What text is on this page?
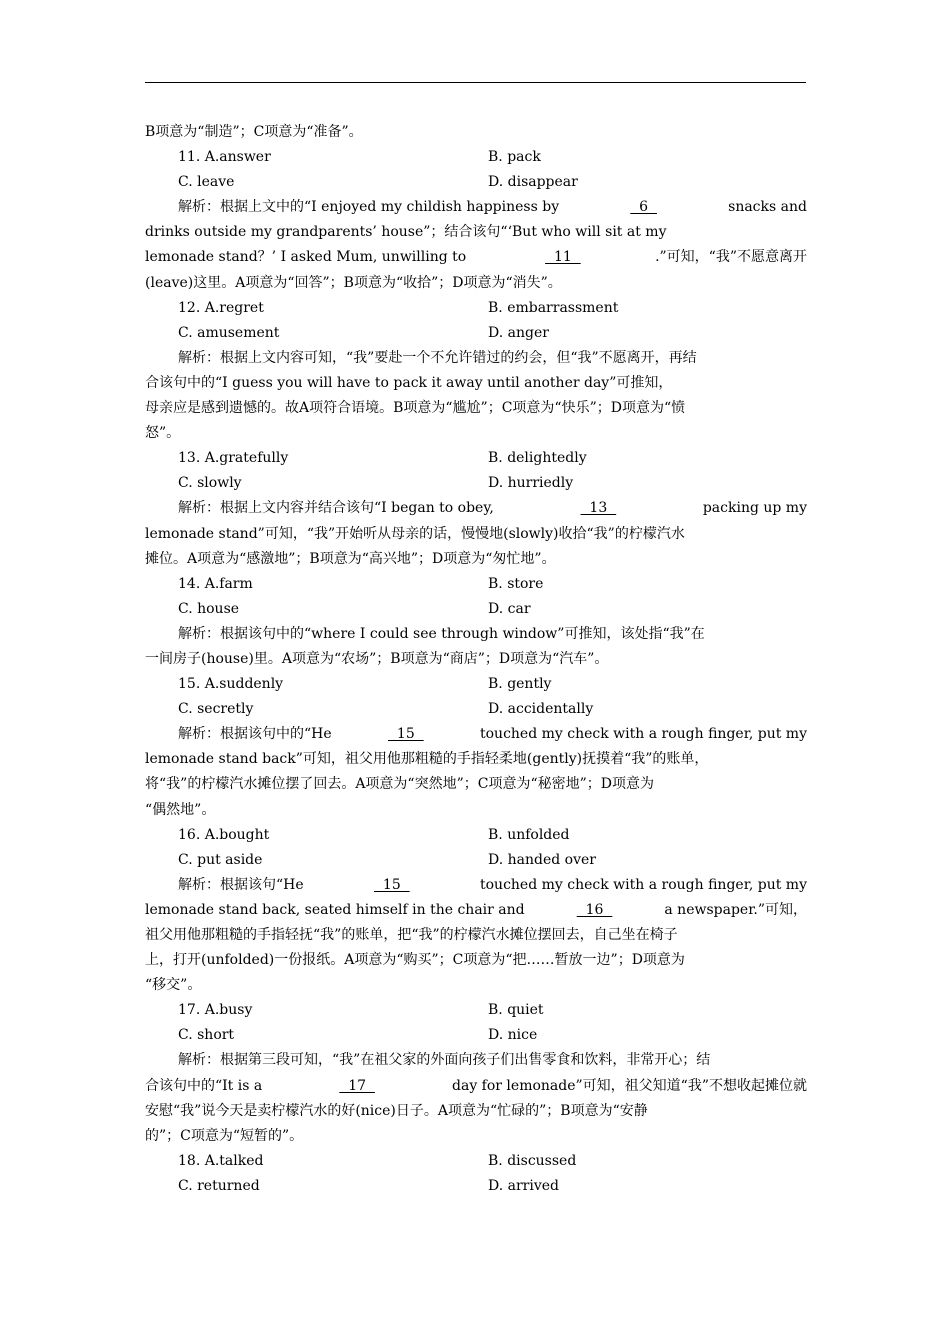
B项意为“制造”；C项意为“准备”。
11. A.answer	B. pack
C. leave	D. disappear
解析：根据上文中的“I enjoyed my childish happiness by	6	snacks and
drinks outside my grandparents’ house”；结合该句“‘But who will sit at my
lemonade stand？’ I asked Mum, unwilling to	11	.”可知，“我”不愿意离开
(leave)这里。A项意为“回答”；B项意为“收拾”；D项意为“消失”。
12. A.regret	B. embarrassment
C. amusement	D. anger
解析：根据上文内容可知，“我”要赴一个不允许错过的约会，但“我”不愿离开，再结
合该句中的“I guess you will have to pack it away until another day”可推知，
母亲应是感到遗憾的。故A项符合语境。B项意为“尴尬”；C项意为“快乐”；D项意为“愤
怒”。
13. A.gratefully	B. delightedly
C. slowly	D. hurriedly
解析：根据上文内容并结合该句“I began to obey,	13	packing up my
lemonade stand”可知，“我”开始听从母亲的话，慢慢地(slowly)收拾“我”的柠檬汽水
摊位。A项意为“感激地”；B项意为“高兴地”；D项意为“匆忙地”。
14. A.farm	B. store
C. house	D. car
解析：根据该句中的“where I could see through window”可推知，该处指“我”在
一间房子(house)里。A项意为“农场”；B项意为“商店”；D项意为“汽车”。
15. A.suddenly	B. gently
C. secretly	D. accidentally
解析：根据该句中的“He	15	touched my check with a rough finger, put my
lemonade stand back”可知，祖父用他那粗糙的手指轻柔地(gently)抚摸着“我”的账单，
将“我”的柠檬汽水摊位摆了回去。A项意为“突然地”；C项意为“秘密地”；D项意为
“偶然地”。
16. A.bought	B. unfolded
C. put aside	D. handed over
解析：根据该句“He	15	touched my check with a rough finger, put my
lemonade stand back, seated himself in the chair and	16	a newspaper.”可知，
祖父用他那粗糙的手指轻抚“我”的账单，把“我”的柠檬汽水摊位摆回去，自己坐在椅子
上，打开(unfolded)一份报纸。A项意为“购买”；C项意为“把……暂放一边”；D项意为
“移交”。
17. A.busy	B. quiet
C. short	D. nice
解析：根据第三段可知，“我”在祖父家的外面向孩子们出售零食和饮料，非常开心；结
合该句中的“It is a	17	day for lemonade”可知，祖父知道“我”不想收起摊位就
安慰“我”说今天是卖柠檬汽水的好(nice)日子。A项意为“忙碌的”；B项意为“安静
的”；C项意为“短暂的”。
18. A.talked	B. discussed
C. returned	D. arrived
